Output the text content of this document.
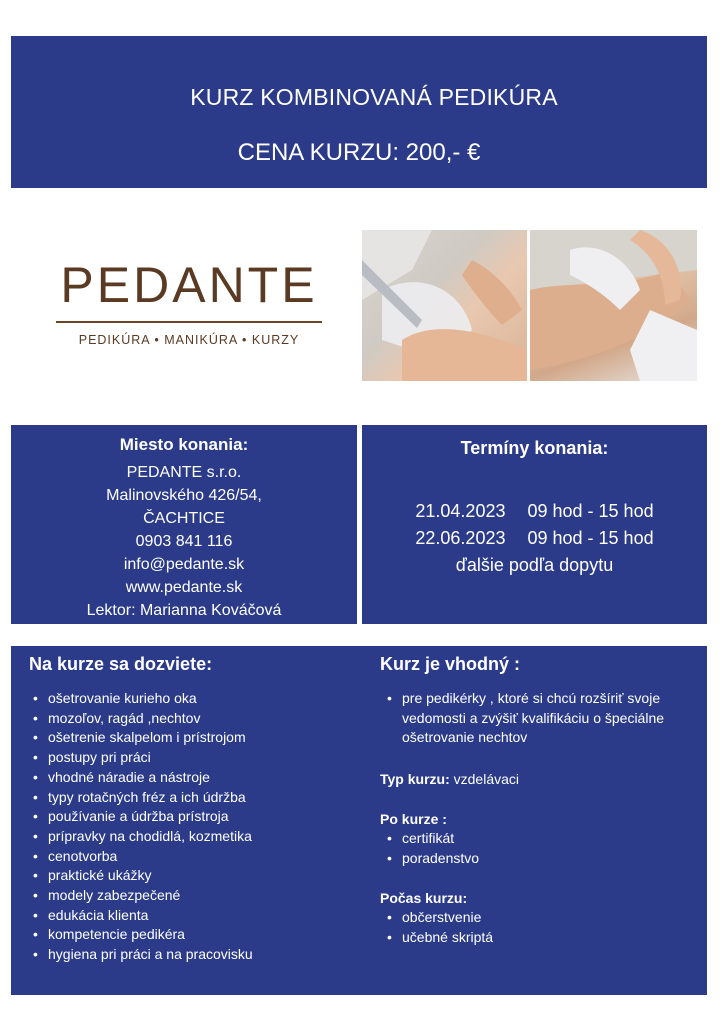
KURZ KOMBINOVANÁ PEDIKÚRA
CENA KURZU: 200,- €
PEDANTE
PEDIKÚRA • MANIKÚRA • KURZY
Miesto konania:
PEDANTE s.r.o.
Malinovského 426/54,
ČACHTICE
0903 841 116
info@pedante.sk
www.pedante.sk
Lektor: Marianna Kováčová
Termíny konania:
21.04.2023 09 hod - 15 hod
22.06.2023 09 hod - 15 hod
ďalšie podľa dopytu
Na kurze sa dozviete:
• ošetrovanie kurieho oka
• mozoľov, ragád ,nechtov
• ošetrenie skalpelom i prístrojom
• postupy pri práci
• vhodné náradie a nástroje
• typy rotačných fréz a ich údržba
• používanie a údržba prístroja
• prípravky na chodidlá, kozmetika
• cenotvorba
• praktické ukážky
• modely zabezpečené
• edukácia klienta
• kompetencie pedikéra
• hygiena pri práci a na pracovisku
Kurz je vhodný :
• pre pedikérky , ktoré si chcú rozšíriť svoje vedomosti a zvýšiť kvalifikáciu o špeciálne ošetrovanie nechtov
Typ kurzu: vzdelávaci
Po kurze :
• certifikát
• poradenstvo
Počas kurzu:
• občerstvenie
• učebné skriptá
